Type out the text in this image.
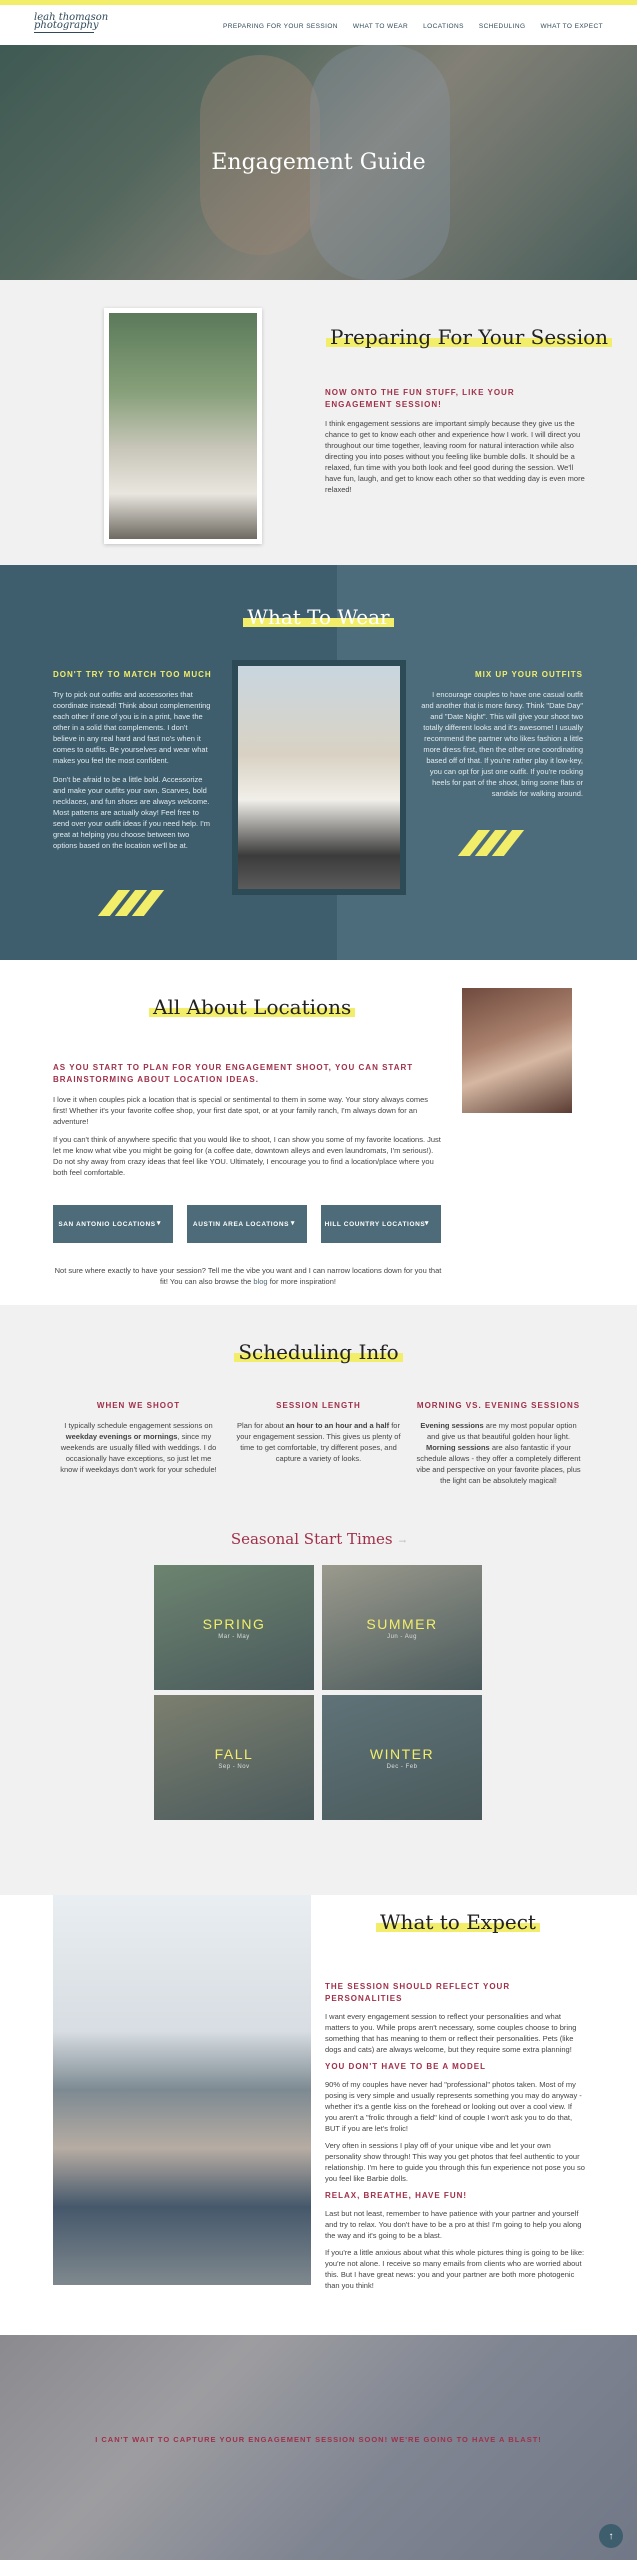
leah thomason
photography	PREPARING FOR YOUR SESSION WHAT TO WEAR LOCATIONS SCHEDULING WHAT TO EXPECT
Engagement Guide
Preparing For Your Session
NOW ONTO THE FUN STUFF, LIKE YOUR ENGAGEMENT SESSION!
I think engagement sessions are important simply because they give us the chance to get to know each other and experience how I work. I will direct you throughout our time together, leaving room for natural interaction while also directing you into poses without you feeling like bumble dolls. It should be a relaxed, fun time with you both look and feel good during the session. We'll have fun, laugh, and get to know each other so that wedding day is even more relaxed!
What To Wear
DON'T TRY TO MATCH TOO MUCH
Try to pick out outfits and accessories that coordinate instead! Think about complementing each other if one of you is in a print, have the other in a solid that complements. I don't believe in any real hard and fast no's when it comes to outfits. Be yourselves and wear what makes you feel the most confident.
Don't be afraid to be a little bold. Accessorize and make your outfits your own. Scarves, bold necklaces, and fun shoes are always welcome. Most patterns are actually okay! Feel free to send over your outfit ideas if you need help. I'm great at helping you choose between two options based on the location we'll be at.
MIX UP YOUR OUTFITS
I encourage couples to have one casual outfit and another that is more fancy. Think "Date Day" and "Date Night". This will give your shoot two totally different looks and it's awesome! I usually recommend the partner who likes fashion a little more dress first, then the other one coordinating based off of that. If you're rather play it low-key, you can opt for just one outfit. If you're rocking heels for part of the shoot, bring some flats or sandals for walking around.
All About Locations
AS YOU START TO PLAN FOR YOUR ENGAGEMENT SHOOT, YOU CAN START BRAINSTORMING ABOUT LOCATION IDEAS.
I love it when couples pick a location that is special or sentimental to them in some way. Your story always comes first! Whether it's your favorite coffee shop, your first date spot, or at your family ranch, I'm always down for an adventure!
If you can't think of anywhere specific that you would like to shoot, I can show you some of my favorite locations. Just let me know what vibe you might be going for (a coffee date, downtown alleys and even laundromats, I'm serious!). Do not shy away from crazy ideas that feel like YOU. Ultimately, I encourage you to find a location/place where you both feel comfortable.
SAN ANTONIO LOCATIONS ▾	AUSTIN AREA LOCATIONS ▾	HILL COUNTRY LOCATIONS ▾
Not sure where exactly to have your session? Tell me the vibe you want and I can narrow locations down for you that fit! You can also browse the blog for more inspiration!
Scheduling Info
WHEN WE SHOOT
I typically schedule engagement sessions on weekday evenings or mornings, since my weekends are usually filled with weddings. I do occasionally have exceptions, so just let me know if weekdays don't work for your schedule!
SESSION LENGTH
Plan for about an hour to an hour and a half for your engagement session. This gives us plenty of time to get comfortable, try different poses, and capture a variety of looks.
MORNING VS. EVENING SESSIONS
Evening sessions are my most popular option and give us that beautiful golden hour light. Morning sessions are also fantastic if your schedule allows - they offer a completely different vibe and perspective on your favorite places, plus the light can be absolutely magical!
Seasonal Start Times →
SPRING
Mar - May
SUMMER
Jun - Aug
FALL
Sep - Nov
WINTER
Dec - Feb
What to Expect
THE SESSION SHOULD REFLECT YOUR PERSONALITIES
I want every engagement session to reflect your personalities and what matters to you. While props aren't necessary, some couples choose to bring something that has meaning to them or reflect their personalities. Pets (like dogs and cats) are always welcome, but they require some extra planning!
YOU DON'T HAVE TO BE A MODEL
90% of my couples have never had "professional" photos taken. Most of my posing is very simple and usually represents something you may do anyway - whether it's a gentle kiss on the forehead or looking out over a cool view. If you aren't a "frolic through a field" kind of couple I won't ask you to do that, BUT if you are let's frolic!
Very often in sessions I play off of your unique vibe and let your own personality show through! This way you get photos that feel authentic to your relationship. I'm here to guide you through this fun experience not pose you so you feel like Barbie dolls.
RELAX, BREATHE, HAVE FUN!
Last but not least, remember to have patience with your partner and yourself and try to relax. You don't have to be a pro at this! I'm going to help you along the way and it's going to be a blast.
If you're a little anxious about what this whole pictures thing is going to be like: you're not alone. I receive so many emails from clients who are worried about this. But I have great news: you and your partner are both more photogenic than you think!
I CAN'T WAIT TO CAPTURE YOUR ENGAGEMENT SESSION SOON! WE'RE GOING TO HAVE A BLAST!
↑
